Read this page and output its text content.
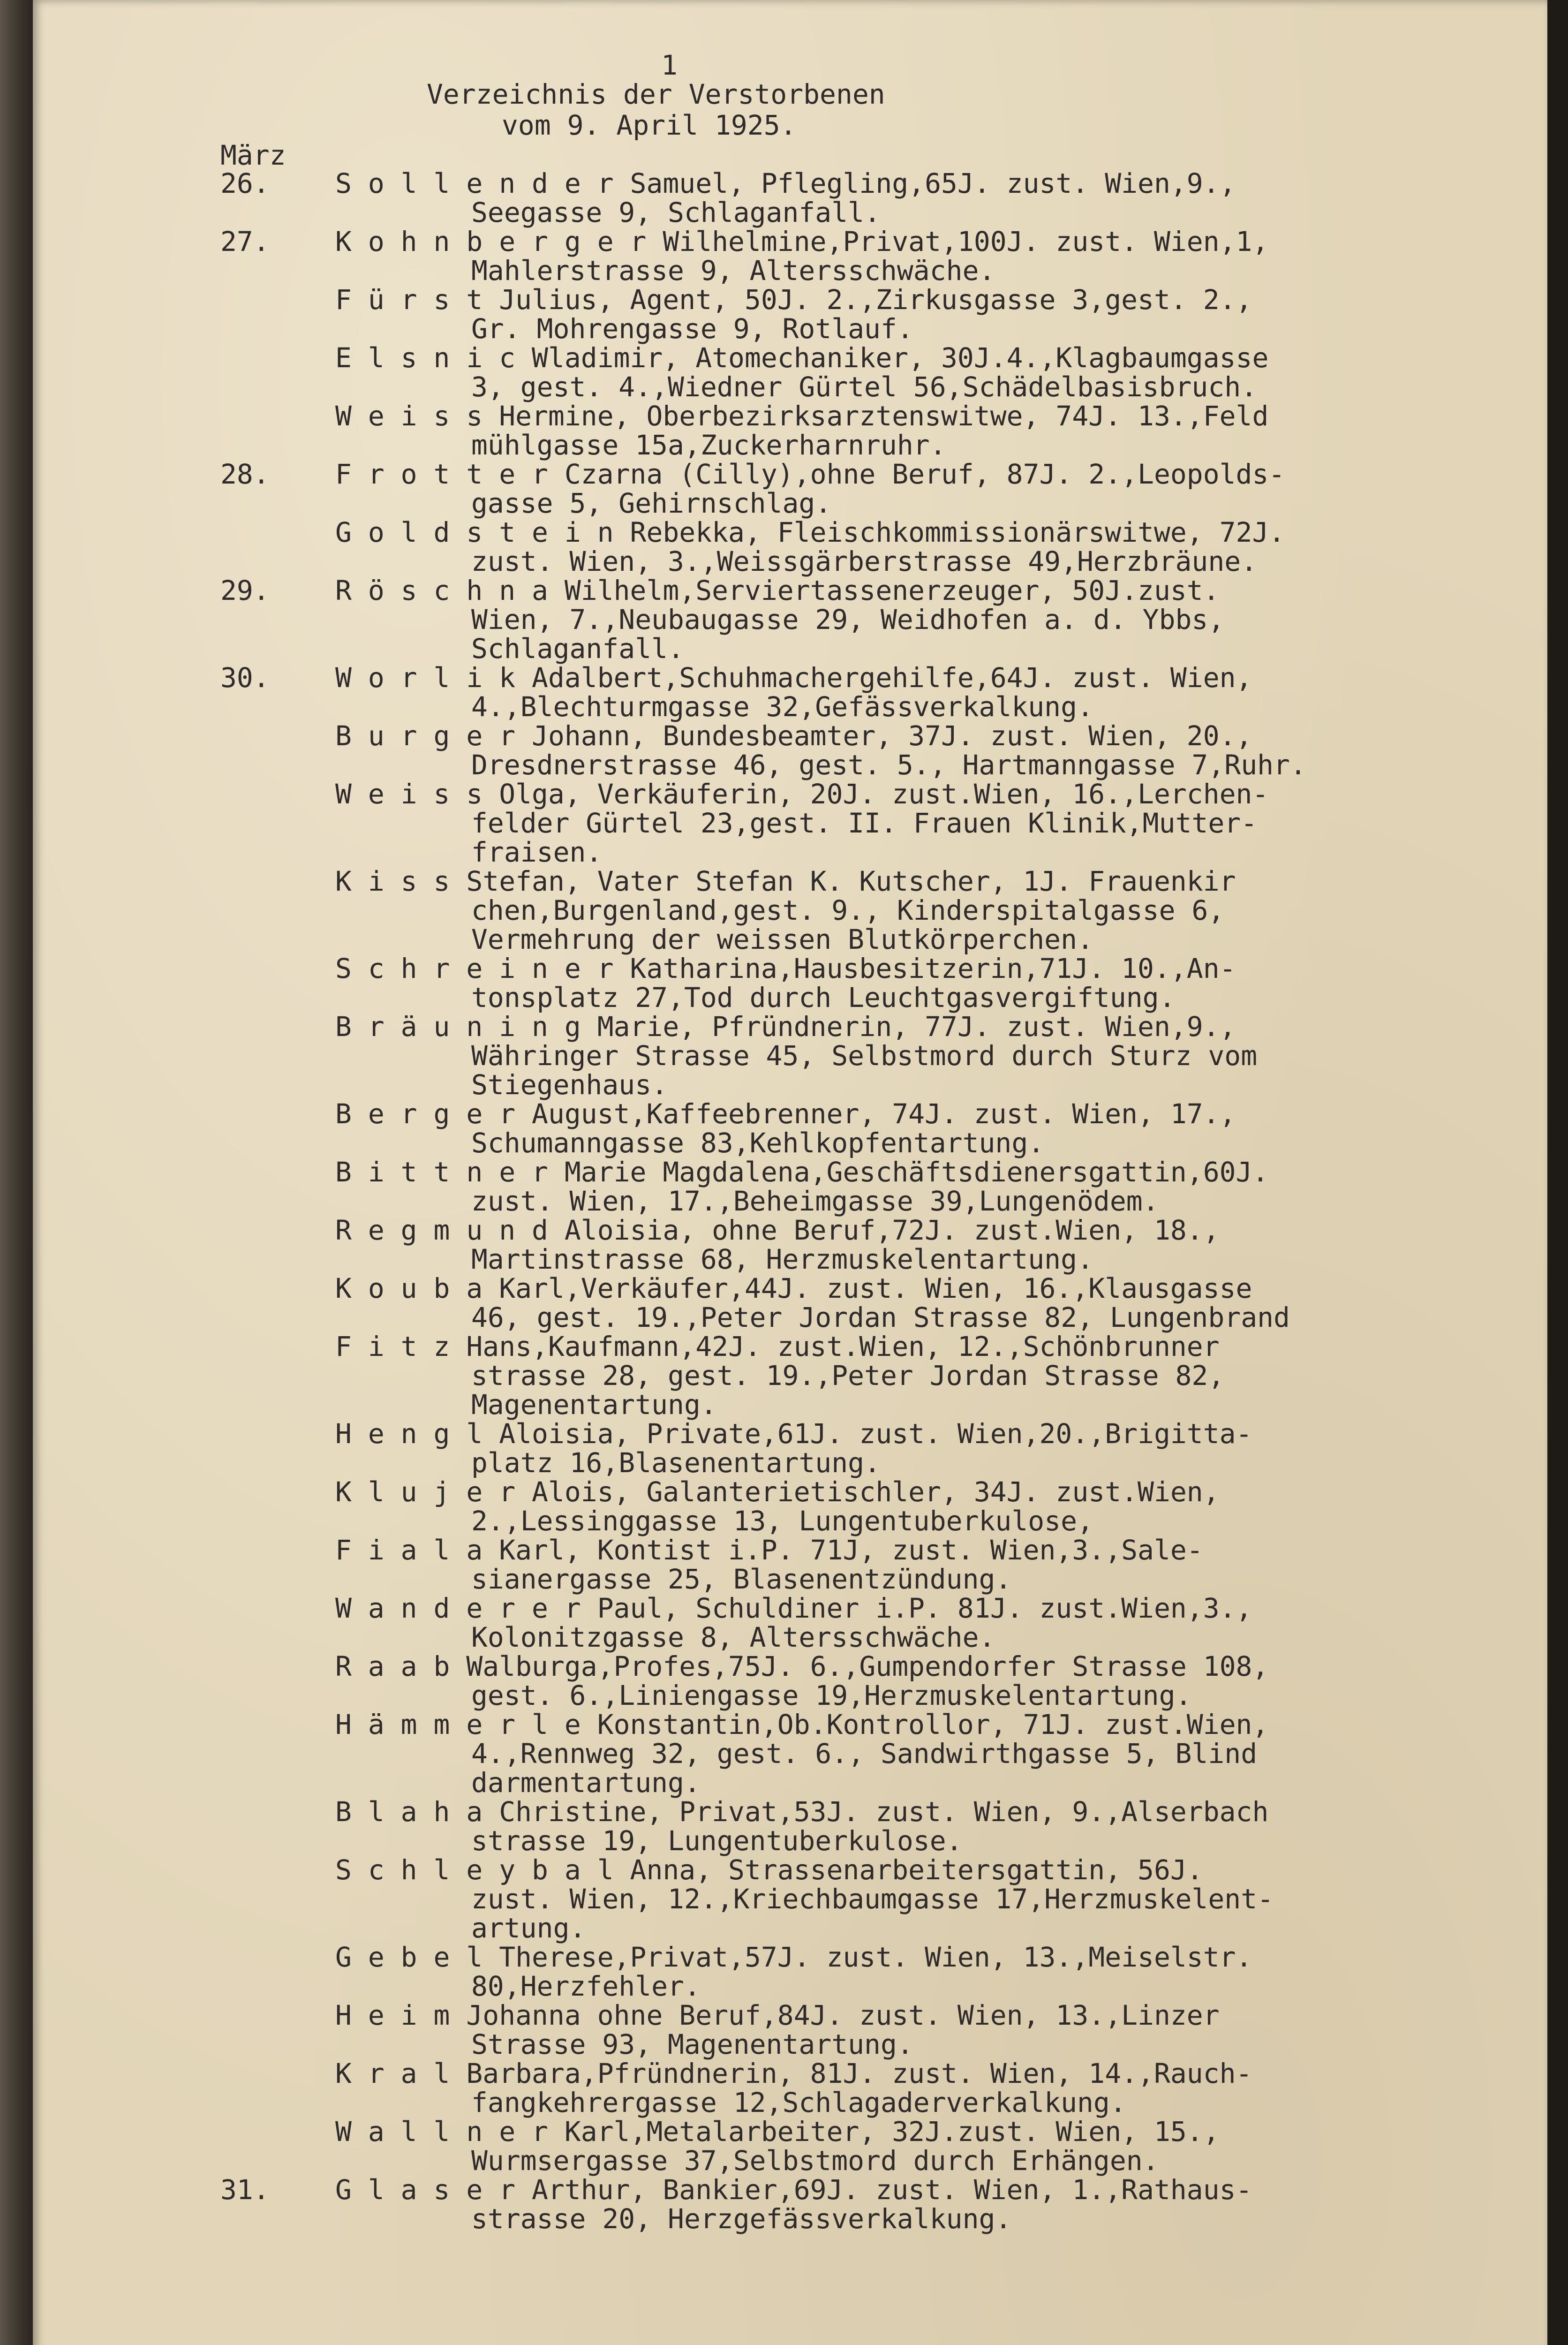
1
Verzeichnis der Verstorbenen
vom 9. April 1925.
März
26. S o l l e n d e r Samuel, Pflegling,65J. zust. Wien,9.,
Seegasse 9, Schlaganfall.
27. K o h n b e r g e r Wilhelmine,Privat,100J. zust. Wien,1,
Mahlerstrasse 9, Altersschwäche.
F ü r s t Julius, Agent, 50J. 2.,Zirkusgasse 3,gest. 2.,
Gr. Mohrengasse 9, Rotlauf.
E l s n i c Wladimir, Atomechaniker, 30J.4.,Klagbaumgasse
3, gest. 4.,Wiedner Gürtel 56,Schädelbasisbruch.
W e i s s Hermine, Oberbezirksarztenswitwe, 74J. 13.,Feld
mühlgasse 15a,Zuckerharnruhr.
28. F r o t t e r Czarna (Cilly),ohne Beruf, 87J. 2.,Leopolds-
gasse 5, Gehirnschlag.
G o l d s t e i n Rebekka, Fleischkommissionärswitwe, 72J.
zust. Wien, 3.,Weissgärberstrasse 49,Herzbräune.
29. R ö s c h n a Wilhelm,Serviertassenerzeuger, 50J.zust.
Wien, 7.,Neubaugasse 29, Weidhofen a. d. Ybbs,
Schlaganfall.
30. W o r l i k Adalbert,Schuhmachergehilfe,64J. zust. Wien,
4.,Blechturmgasse 32,Gefässverkalkung.
B u r g e r Johann, Bundesbeamter, 37J. zust. Wien, 20.,
Dresdnerstrasse 46, gest. 5., Hartmanngasse 7,Ruhr.
W e i s s Olga, Verkäuferin, 20J. zust.Wien, 16.,Lerchen-
felder Gürtel 23,gest. II. Frauen Klinik,Mutter-
fraisen.
K i s s Stefan, Vater Stefan K. Kutscher, 1J. Frauenkir
chen,Burgenland,gest. 9., Kinderspitalgasse 6,
Vermehrung der weissen Blutkörperchen.
S c h r e i n e r Katharina,Hausbesitzerin,71J. 10.,An-
tonsplatz 27,Tod durch Leuchtgasvergiftung.
B r ä u n i n g Marie, Pfründnerin, 77J. zust. Wien,9.,
Währinger Strasse 45, Selbstmord durch Sturz vom
Stiegenhaus.
B e r g e r August,Kaffeebrenner, 74J. zust. Wien, 17.,
Schumanngasse 83,Kehlkopfentartung.
B i t t n e r Marie Magdalena,Geschäftsdienersgattin,60J.
zust. Wien, 17.,Beheimgasse 39,Lungenödem.
R e g m u n d Aloisia, ohne Beruf,72J. zust.Wien, 18.,
Martinstrasse 68, Herzmuskelentartung.
K o u b a Karl,Verkäufer,44J. zust. Wien, 16.,Klausgasse
46, gest. 19.,Peter Jordan Strasse 82, Lungenbrand
F i t z Hans,Kaufmann,42J. zust.Wien, 12.,Schönbrunner
strasse 28, gest. 19.,Peter Jordan Strasse 82,
Magenentartung.
H e n g l Aloisia, Private,61J. zust. Wien,20.,Brigitta-
platz 16,Blasenentartung.
K l u j e r Alois, Galanterietischler, 34J. zust.Wien,
2.,Lessinggasse 13, Lungentuberkulose,
F i a l a Karl, Kontist i.P. 71J, zust. Wien,3.,Sale-
sianergasse 25, Blasenentzündung.
W a n d e r e r Paul, Schuldiner i.P. 81J. zust.Wien,3.,
Kolonitzgasse 8, Altersschwäche.
R a a b Walburga,Profes,75J. 6.,Gumpendorfer Strasse 108,
gest. 6.,Liniengasse 19,Herzmuskelentartung.
H ä m m e r l e Konstantin,Ob.Kontrollor, 71J. zust.Wien,
4.,Rennweg 32, gest. 6., Sandwirthgasse 5, Blind
darmentartung.
B l a h a Christine, Privat,53J. zust. Wien, 9.,Alserbach
strasse 19, Lungentuberkulose.
S c h l e y b a l Anna, Strassenarbeitersgattin, 56J.
zust. Wien, 12.,Kriechbaumgasse 17,Herzmuskelent-
artung.
G e b e l Therese,Privat,57J. zust. Wien, 13.,Meiselstr.
80,Herzfehler.
H e i m Johanna ohne Beruf,84J. zust. Wien, 13.,Linzer
Strasse 93, Magenentartung.
K r a l Barbara,Pfründnerin, 81J. zust. Wien, 14.,Rauch-
fangkehrergasse 12,Schlagaderverkalkung.
W a l l n e r Karl,Metalarbeiter, 32J.zust. Wien, 15.,
Wurmsergasse 37,Selbstmord durch Erhängen.
31. G l a s e r Arthur, Bankier,69J. zust. Wien, 1.,Rathaus-
strasse 20, Herzgefässverkalkung.
